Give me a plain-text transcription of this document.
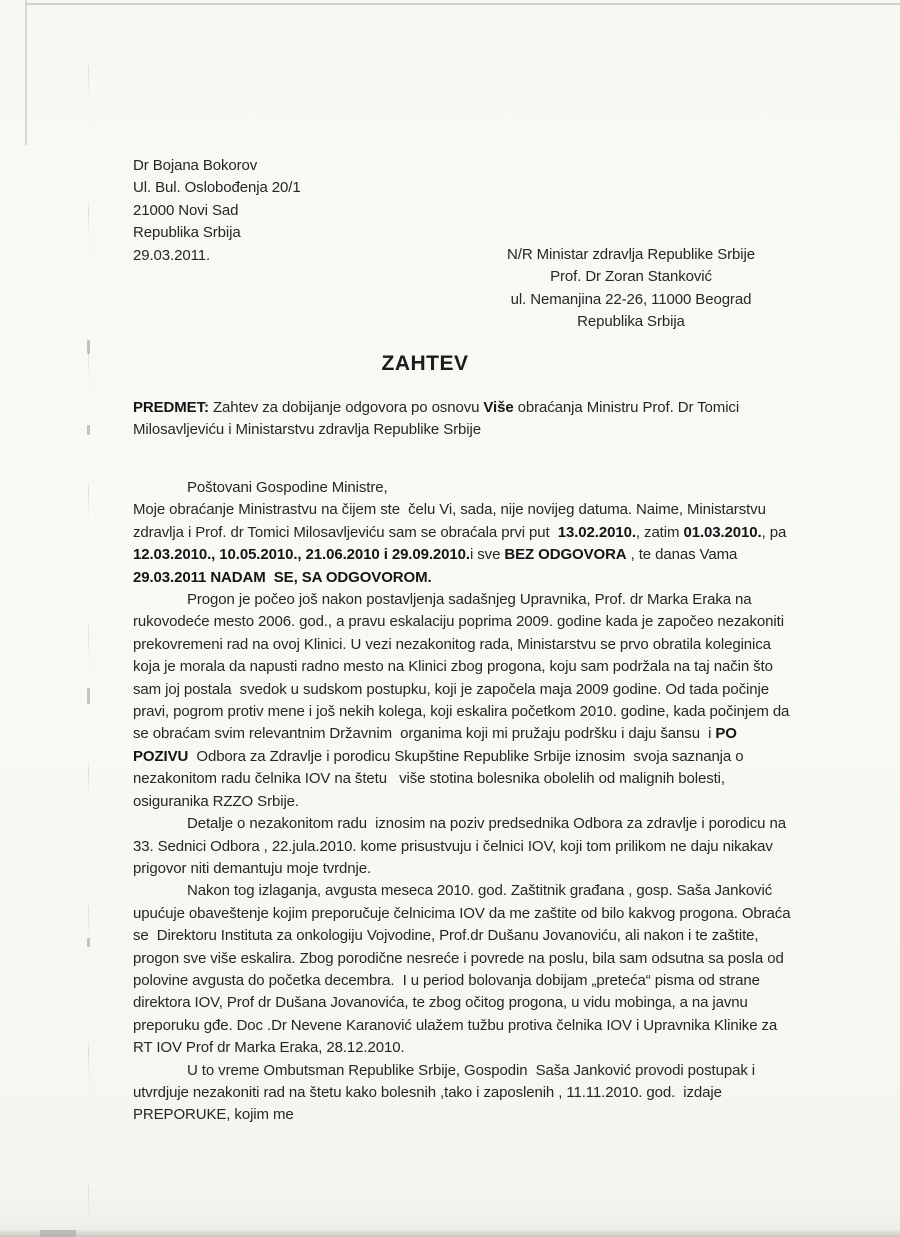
Dr Bojana Bokorov
Ul. Bul. Oslobođenja 20/1
21000 Novi Sad
Republika Srbija
29.03.2011.	N/R Ministar zdravlja Republike Srbije
Prof. Dr Zoran Stanković
ul. Nemanjina 22-26, 11000 Beograd
Republika Srbija
ZAHTEV

PREDMET: Zahtev za dobijanje odgovora po osnovu Više obraćanja Ministru Prof. Dr Tomici Milosavljeviću i Ministarstvu zdravlja Republike Srbije

Poštovani Gospodine Ministre,

Moje obraćanje Ministrastvu na čijem ste  čelu Vi, sada, nije novijeg datuma. Naime, Ministarstvu zdravlja i Prof. dr Tomici Milosavljeviću sam se obraćala prvi put  13.02.2010., zatim 01.03.2010., pa 12.03.2010., 10.05.2010., 21.06.2010 i 29.09.2010.i sve BEZ ODGOVORA , te danas Vama 29.03.2011 NADAM  SE, SA ODGOVOROM.

Progon je počeo još nakon postavljenja sadašnjeg Upravnika, Prof. dr Marka Eraka na rukovodeće mesto 2006. god., a pravu eskalaciju poprima 2009. godine kada je započeo nezakoniti prekovremeni rad na ovoj Klinici. U vezi nezakonitog rada, Ministarstvu se prvo obratila koleginica koja je morala da napusti radno mesto na Klinici zbog progona, koju sam podržala na taj način što sam joj postala  svedok u sudskom postupku, koji je započela maja 2009 godine. Od tada počinje pravi, pogrom protiv mene i još nekih kolega, koji eskalira početkom 2010. godine, kada počinjem da se obraćam svim relevantnim Državnim  organima koji mi pružaju podršku i daju šansu  i PO  POZIVU  Odbora za Zdravlje i porodicu Skupštine Republike Srbije iznosim  svoja saznanja o nezakonitom radu čelnika IOV na štetu   više stotina bolesnika obolelih od malignih bolesti, osiguranika RZZO Srbije.

Detalje o nezakonitom radu  iznosim na poziv predsednika Odbora za zdravlje i porodicu na 33. Sednici Odbora , 22.jula.2010. kome prisustvuju i čelnici IOV, koji tom prilikom ne daju nikakav prigovor niti demantuju moje tvrdnje.

Nakon tog izlaganja, avgusta meseca 2010. god. Zaštitnik građana , gosp. Saša Janković upućuje obaveštenje kojim preporučuje čelnicima IOV da me zaštite od bilo kakvog progona. Obraća se  Direktoru Instituta za onkologiju Vojvodine, Prof.dr Dušanu Jovanoviću, ali nakon i te zaštite, progon sve više eskalira. Zbog porodične nesreće i povrede na poslu, bila sam odsutna sa posla od polovine avgusta do početka decembra.  I u period bolovanja dobijam „preteća“ pisma od strane direktora IOV, Prof dr Dušana Jovanovića, te zbog očitog progona, u vidu mobinga, a na javnu preporuku gđe. Doc .Dr Nevene Karanović ulažem tužbu protiva čelnika IOV i Upravnika Klinike za RT IOV Prof dr Marka Eraka, 28.12.2010.

U to vreme Ombutsman Republike Srbije, Gospodin  Saša Janković provodi postupak i utvrdjuje nezakoniti rad na štetu kako bolesnih ,tako i zaposlenih , 11.11.2010. god.  izdaje PREPORUKE, kojim me
